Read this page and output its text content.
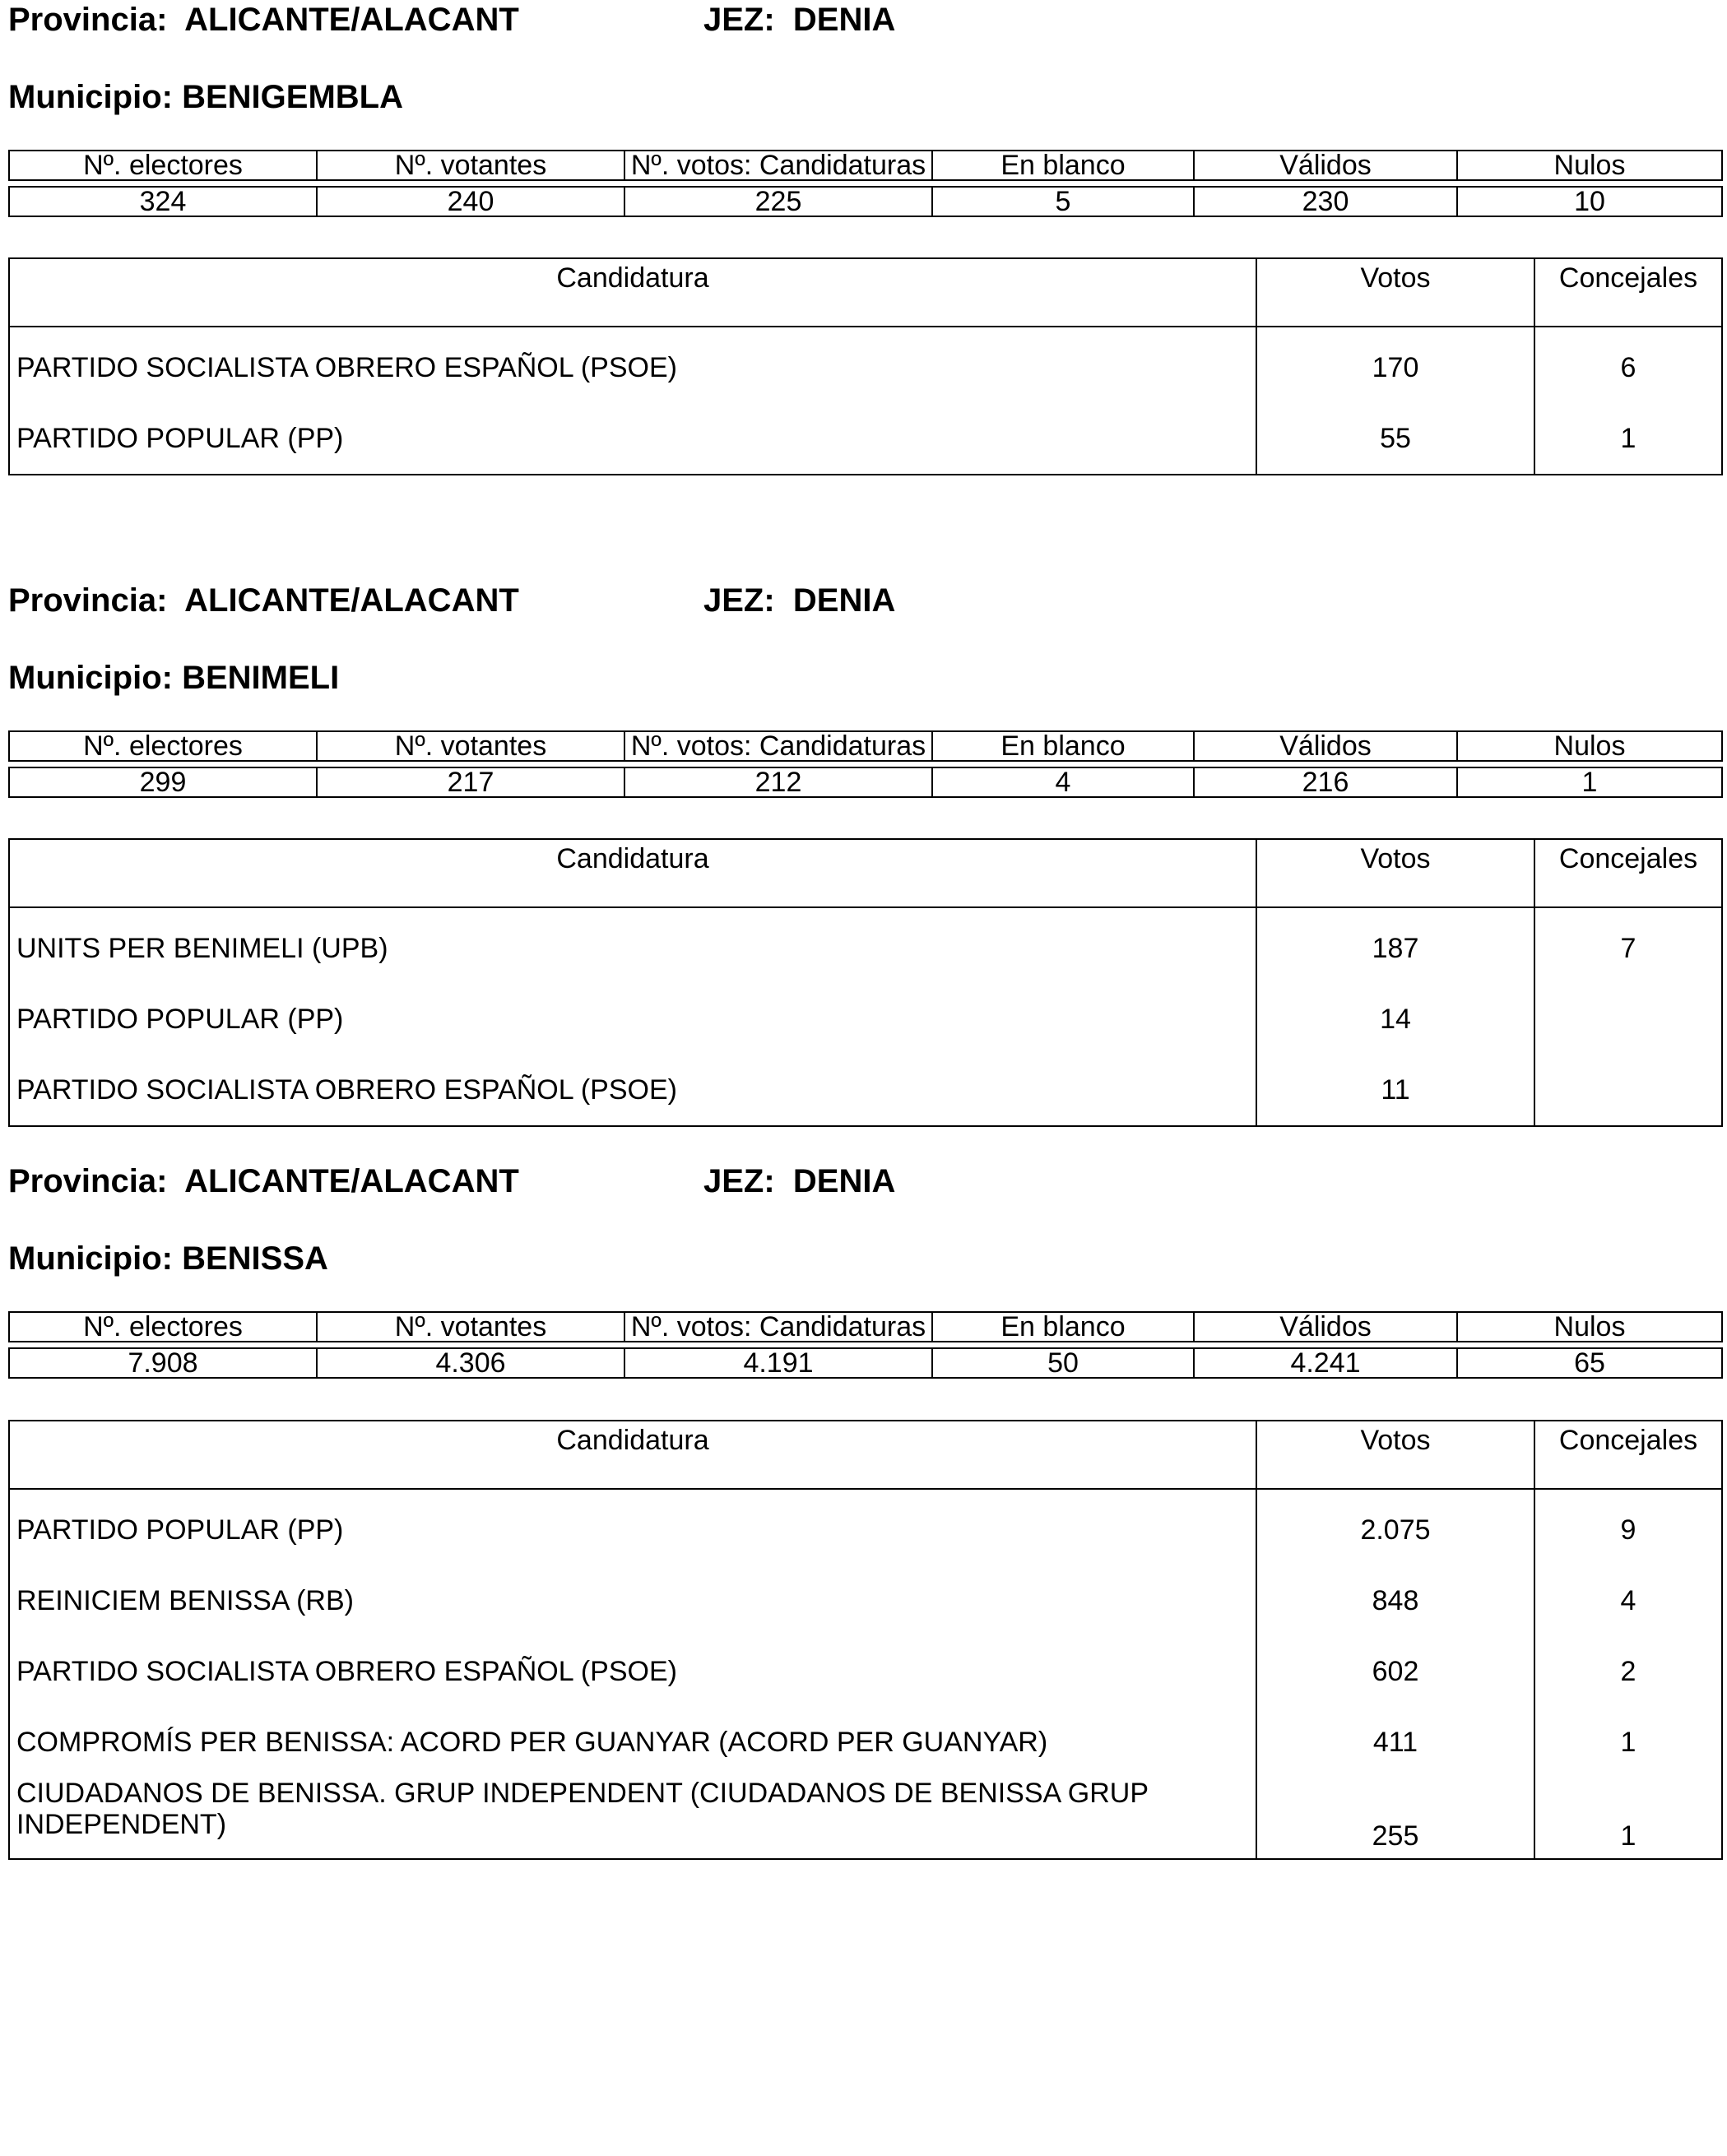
Provincia: ALICANTE/ALACANT	JEZ: DENIA
Municipio: BENIGEMBLA
Nº. electores	Nº. votantes	Nº. votos: Candidaturas	En blanco	Válidos	Nulos
324	240	225	5	230	10
Candidatura	Votos	Concejales
PARTIDO SOCIALISTA OBRERO ESPAÑOL (PSOE)	170	6
PARTIDO POPULAR (PP)	55	1
Provincia: ALICANTE/ALACANT	JEZ: DENIA
Municipio: BENIMELI
Nº. electores	Nº. votantes	Nº. votos: Candidaturas	En blanco	Válidos	Nulos
299	217	212	4	216	1
Candidatura	Votos	Concejales
UNITS PER BENIMELI (UPB)	187	7
PARTIDO POPULAR (PP)	14	
PARTIDO SOCIALISTA OBRERO ESPAÑOL (PSOE)	11	
Provincia: ALICANTE/ALACANT	JEZ: DENIA
Municipio: BENISSA
Nº. electores	Nº. votantes	Nº. votos: Candidaturas	En blanco	Válidos	Nulos
7.908	4.306	4.191	50	4.241	65
Candidatura	Votos	Concejales
PARTIDO POPULAR (PP)	2.075	9
REINICIEM BENISSA (RB)	848	4
PARTIDO SOCIALISTA OBRERO ESPAÑOL (PSOE)	602	2
COMPROMÍS PER BENISSA: ACORD PER GUANYAR (ACORD PER GUANYAR)	411	1
CIUDADANOS DE BENISSA. GRUP INDEPENDENT (CIUDADANOS DE BENISSA GRUP INDEPENDENT)	255	1
